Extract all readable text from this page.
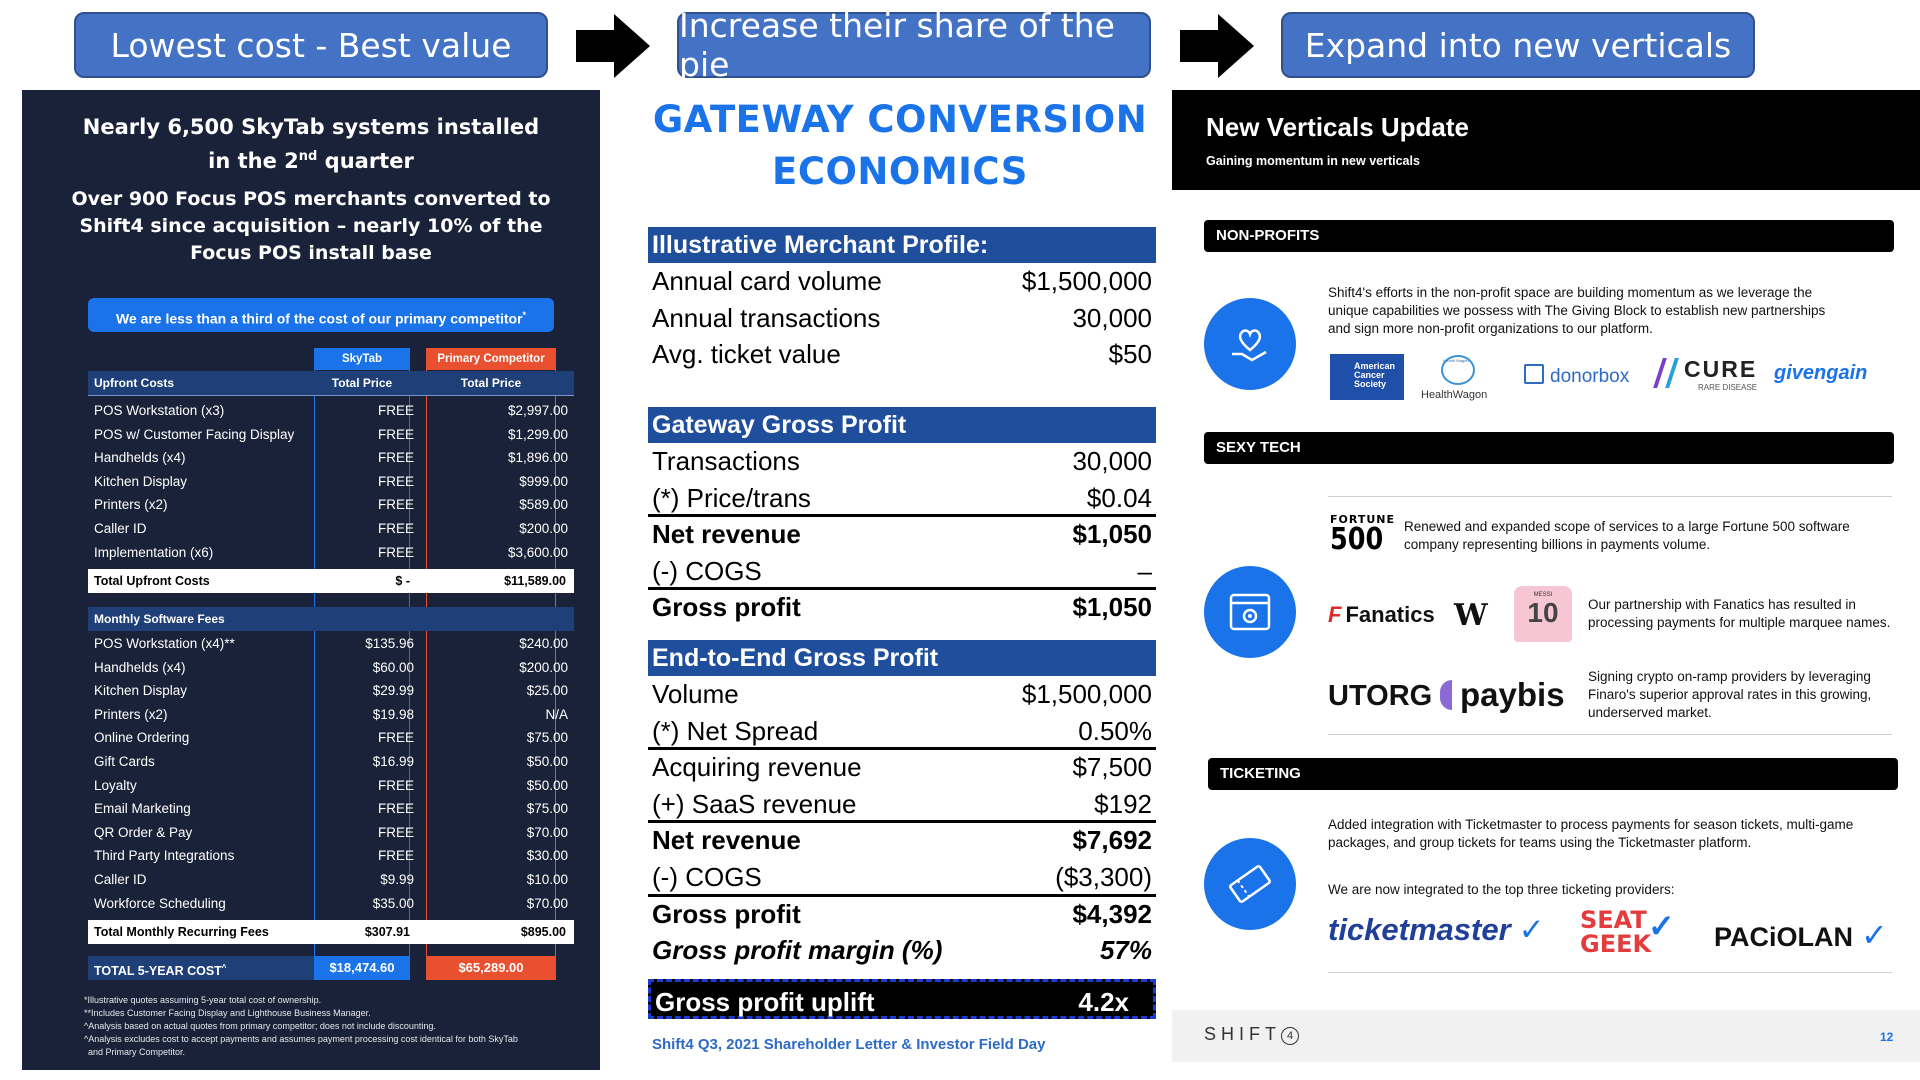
Lowest cost - Best value	Increase their share of the pie	Expand into new verticals
Nearly 6,500 SkyTab systems installed
in the 2nd quarter
Over 900 Focus POS merchants converted to Shift4 since acquisition – nearly 10% of the Focus POS install base
We are less than a third of the cost of our primary competitor*
SkyTab	Primary Competitor
Upfront Costs	Total Price	Total Price
POS Workstation (x3)	FREE	$2,997.00
POS w/ Customer Facing Display	FREE	$1,299.00
Handhelds (x4)	FREE	$1,896.00
Kitchen Display	FREE	$999.00
Printers (x2)	FREE	$589.00
Caller ID	FREE	$200.00
Implementation (x6)	FREE	$3,600.00
Total Upfront Costs	$ -	$11,589.00
Monthly Software Fees
POS Workstation (x4)**	$135.96	$240.00
Handhelds (x4)	$60.00	$200.00
Kitchen Display	$29.99	$25.00
Printers (x2)	$19.98	N/A
Online Ordering	FREE	$75.00
Gift Cards	$16.99	$50.00
Loyalty	FREE	$50.00
Email Marketing	FREE	$75.00
QR Order & Pay	FREE	$70.00
Third Party Integrations	FREE	$30.00
Caller ID	$9.99	$10.00
Workforce Scheduling	$35.00	$70.00
Total Monthly Recurring Fees	$307.91	$895.00
TOTAL 5-YEAR COST^	$18,474.60	$65,289.00
*Illustrative quotes assuming 5-year total cost of ownership.
**Includes Customer Facing Display and Lighthouse Business Manager.
^Analysis based on actual quotes from primary competitor; does not include discounting.
^Analysis excludes cost to accept payments and assumes payment processing cost identical for both SkyTab
and Primary Competitor.
GATEWAY CONVERSION
ECONOMICS
Illustrative Merchant Profile:
Annual card volume	$1,500,000
Annual transactions	30,000
Avg. ticket value	$50
Gateway Gross Profit
Transactions	30,000
(*) Price/trans	$0.04
Net revenue	$1,050
(-) COGS	–
Gross profit	$1,050
End-to-End Gross Profit
Volume	$1,500,000
(*) Net Spread	0.50%
Acquiring revenue	$7,500
(+) SaaS revenue	$192
Net revenue	$7,692
(-) COGS	($3,300)
Gross profit	$4,392
Gross profit margin (%)	57%
Gross profit uplift	4.2x
Shift4 Q3, 2021 Shareholder Letter & Investor Field Day
New Verticals Update
Gaining momentum in new verticals
NON-PROFITS
Shift4's efforts in the non-profit space are building momentum as we leverage the unique capabilities we possess with The Giving Block to establish new partnerships and sign more non-profit organizations to our platform.
American
Cancer
Society
Health Wagon
HealthWagon
donorbox	CURE
RARE DISEASE
givengain
SEXY TECH
FORTUNE
500 Renewed and expanded scope of services to a large Fortune 500 software company representing billions in payments volume.
F Fanatics W
MESSI
10	Our partnership with Fanatics has resulted in processing payments for multiple marquee names.
UTORG paybis Signing crypto on-ramp providers by leveraging Finaro's superior approval rates in this growing, underserved market.
TICKETING
Added integration with Ticketmaster to process payments for season tickets, multi-game packages, and group tickets for teams using the Ticketmaster platform.
We are now integrated to the top three ticketing providers:
ticketmaster ✓ SEAT
GEEK
✓ PACiOLAN ✓
SHIFT 4	12
